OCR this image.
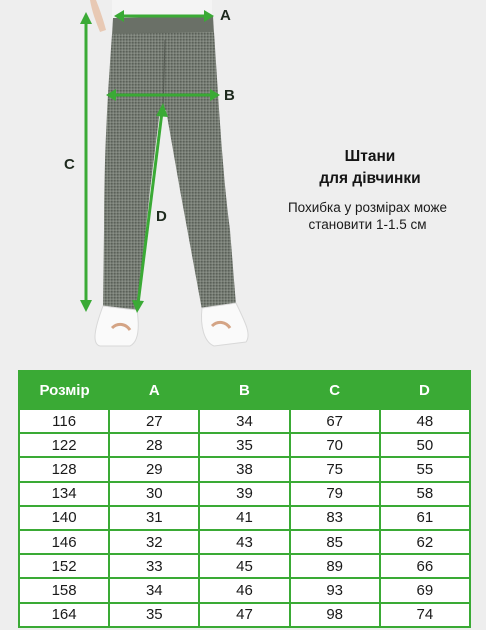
A
B
C
D
Штани
для дівчинки
Похибка у розмірах може
становити 1-1.5 см
Розмір	A	B	C	D
116	27	34	67	48
122	28	35	70	50
128	29	38	75	55
134	30	39	79	58
140	31	41	83	61
146	32	43	85	62
152	33	45	89	66
158	34	46	93	69
164	35	47	98	74
